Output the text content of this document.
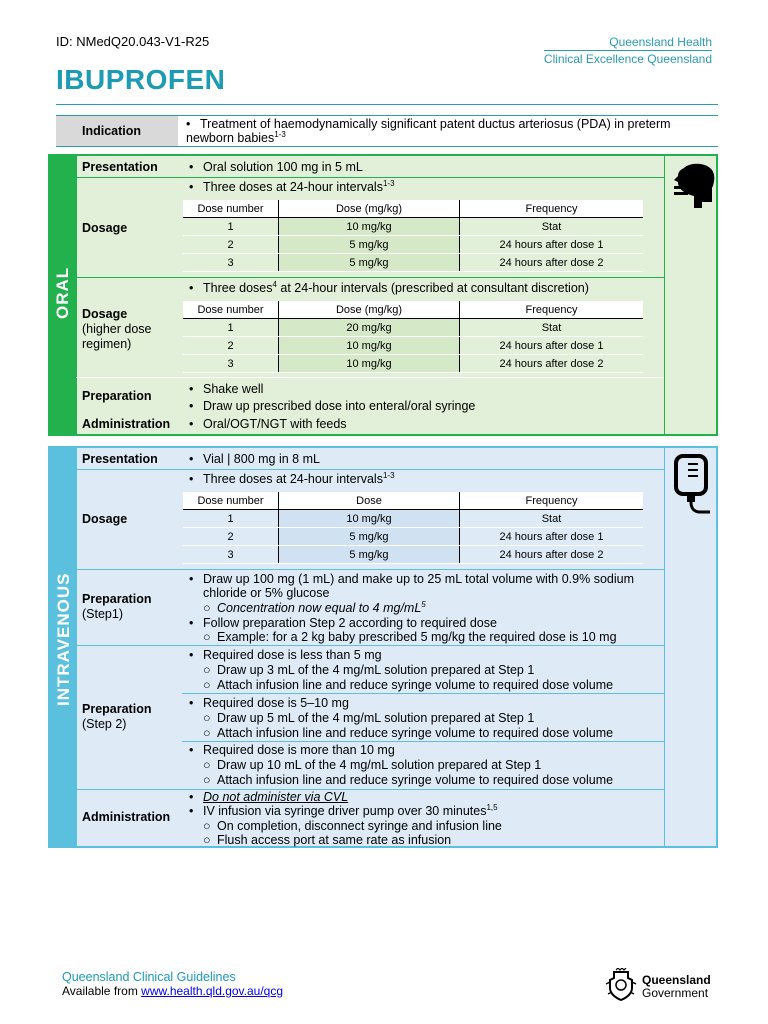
ID: NMedQ20.043-V1-R25	Queensland Health
Clinical Excellence Queensland
IBUPROFEN
Indication	• Treatment of haemodynamically significant patent ductus arteriosus (PDA) in preterm newborn babies$^{1-3}$
ORAL
Presentation	• Oral solution 100 mg in 5 mL
Dosage
• Three doses at 24-hour intervals$^{1-3}$
Dose number	Dose (mg/kg)	Frequency
1	10 mg/kg	Stat
2	5 mg/kg	24 hours after dose 1
3	5 mg/kg	24 hours after dose 2
Dosage
(higher dose regimen)
• Three doses$^4$ at 24-hour intervals (prescribed at consultant discretion)
Dose number	Dose (mg/kg)	Frequency
1	20 mg/kg	Stat
2	10 mg/kg	24 hours after dose 1
3	10 mg/kg	24 hours after dose 2
Preparation	• Shake well
• Draw up prescribed dose into enteral/oral syringe
Administration • Oral/OGT/NGT with feeds
INTRAVENOUS
Presentation	• Vial | 800 mg in 8 mL
Dosage
• Three doses at 24-hour intervals$^{1-3}$
Dose number	Dose	Frequency
1	10 mg/kg	Stat
2	5 mg/kg	24 hours after dose 1
3	5 mg/kg	24 hours after dose 2
Preparation
(Step1)
• Draw up 100 mg (1 mL) and make up to 25 mL total volume with 0.9% sodium chloride or 5% glucose
○ Concentration now equal to 4 $mg/mL^5$
• Follow preparation Step 2 according to required dose
○ Example: for a 2 kg baby prescribed 5 mg/kg the required dose is 10 mg
Preparation
(Step 2)
• Required dose is less than 5 mg
○ Draw up 3 mL of the 4 mg/mL solution prepared at Step 1
○ Attach infusion line and reduce syringe volume to required dose volume
• Required dose is 5–10 mg
○ Draw up 5 mL of the 4 mg/mL solution prepared at Step 1
○ Attach infusion line and reduce syringe volume to required dose volume
• Required dose is more than 10 mg
○ Draw up 10 mL of the 4 mg/mL solution prepared at Step 1
○ Attach infusion line and reduce syringe volume to required dose volume
Administration
• Do not administer via CVL
• IV infusion via syringe driver pump over 30 minutes$^{1,5}$
○ On completion, disconnect syringe and infusion line
○ Flush access port at same rate as infusion
Queensland Clinical Guidelines
Available from www.health.qld.gov.au/qcg
Queensland
Government
